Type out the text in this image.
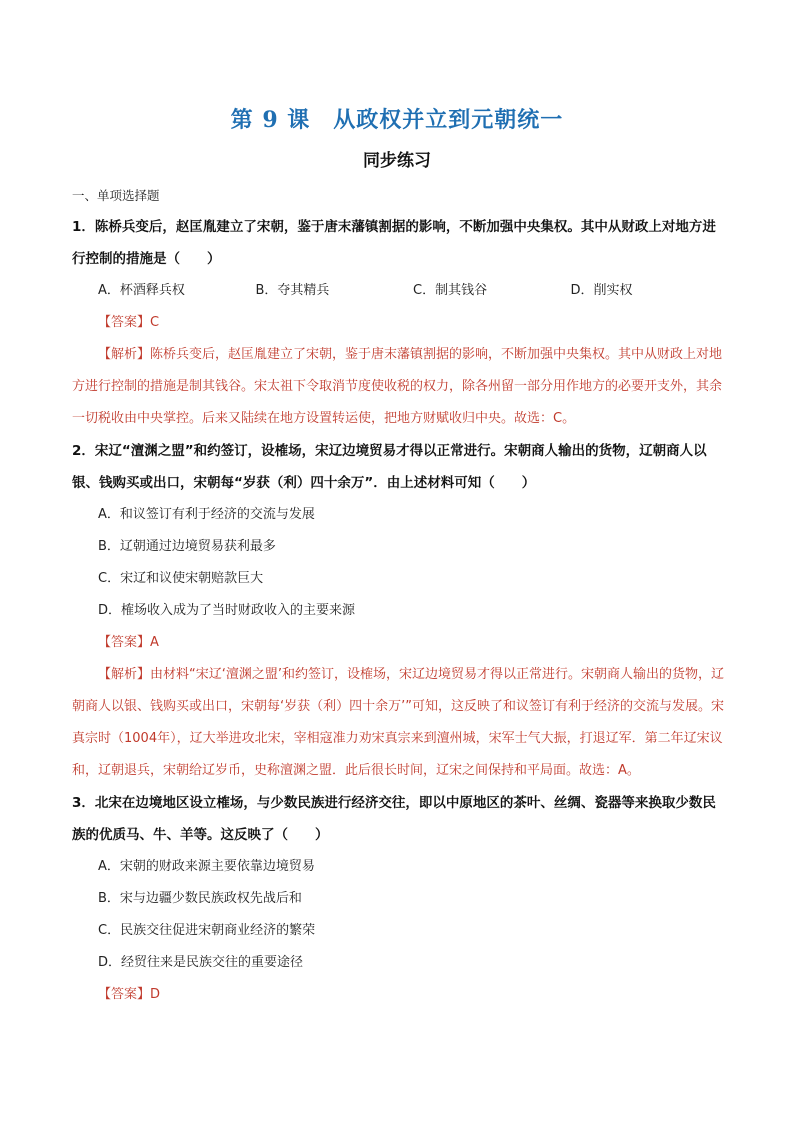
第 9 课　从政权并立到元朝统一
同步练习
一、单项选择题

1．陈桥兵变后，赵匡胤建立了宋朝，鉴于唐末藩镇割据的影响，不断加强中央集权。其中从财政上对地方进行控制的措施是（　　）

A．杯酒释兵权	B．夺其精兵	C．制其钱谷	D．削实权

【答案】C

【解析】陈桥兵变后，赵匡胤建立了宋朝，鉴于唐末藩镇割据的影响，不断加强中央集权。其中从财政上对地方进行控制的措施是制其钱谷。宋太祖下令取消节度使收税的权力，除各州留一部分用作地方的必要开支外，其余一切税收由中央掌控。后来又陆续在地方设置转运使，把地方财赋收归中央。故选：C。

2．宋辽“澶渊之盟”和约签订，设榷场，宋辽边境贸易才得以正常进行。宋朝商人输出的货物，辽朝商人以银、钱购买或出口，宋朝每“岁获（利）四十余万”．由上述材料可知（　　）

A．和议签订有利于经济的交流与发展

B．辽朝通过边境贸易获利最多

C．宋辽和议使宋朝赔款巨大

D．榷场收入成为了当时财政收入的主要来源

【答案】A

【解析】由材料“宋辽‘澶渊之盟’和约签订，设榷场，宋辽边境贸易才得以正常进行。宋朝商人输出的货物，辽朝商人以银、钱购买或出口，宋朝每‘岁获（利）四十余万’”可知，这反映了和议签订有利于经济的交流与发展。宋真宗时（1004年），辽大举进攻北宋，宰相寇准力劝宋真宗来到澶州城，宋军士气大振，打退辽军．第二年辽宋议和，辽朝退兵，宋朝给辽岁币，史称澶渊之盟．此后很长时间，辽宋之间保持和平局面。故选：A。

3．北宋在边境地区设立榷场，与少数民族进行经济交往，即以中原地区的茶叶、丝绸、瓷器等来换取少数民族的优质马、牛、羊等。这反映了（　　）

A．宋朝的财政来源主要依靠边境贸易

B．宋与边疆少数民族政权先战后和

C．民族交往促进宋朝商业经济的繁荣

D．经贸往来是民族交往的重要途径

【答案】D
